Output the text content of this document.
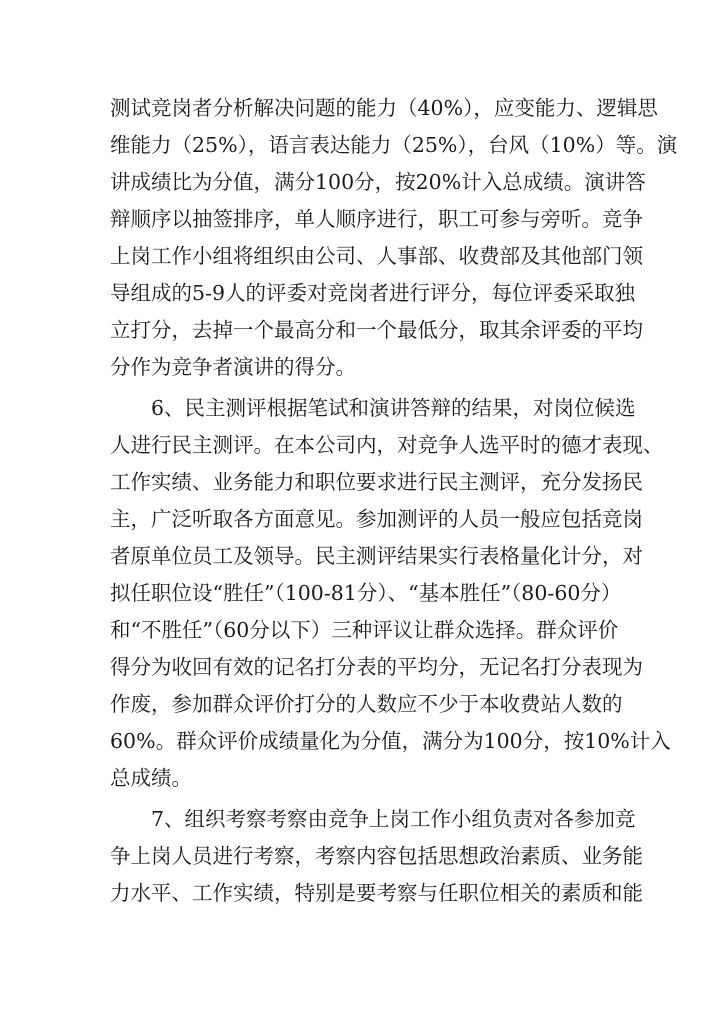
测试竞岗者分析解决问题的能力（40%），应变能力、逻辑思
维能力（25%），语言表达能力（25%），台风（10%）等。演
讲成绩比为分值，满分100分，按20%计入总成绩。演讲答
辩顺序以抽签排序，单人顺序进行，职工可参与旁听。竞争
上岗工作小组将组织由公司、人事部、收费部及其他部门领
导组成的5-9人的评委对竞岗者进行评分，每位评委采取独
立打分，去掉一个最高分和一个最低分，取其余评委的平均
分作为竞争者演讲的得分。
6、民主测评根据笔试和演讲答辩的结果，对岗位候选
人进行民主测评。在本公司内，对竞争人选平时的德才表现、
工作实绩、业务能力和职位要求进行民主测评，充分发扬民
主，广泛听取各方面意见。参加测评的人员一般应包括竞岗
者原单位员工及领导。民主测评结果实行表格量化计分，对
拟任职位设“胜任”（100-81分）、“基本胜任”（80-60分）
和“不胜任”（60分以下）三种评议让群众选择。群众评价
得分为收回有效的记名打分表的平均分，无记名打分表现为
作废，参加群众评价打分的人数应不少于本收费站人数的
60%。群众评价成绩量化为分值，满分为100分，按10%计入
总成绩。
7、组织考察考察由竞争上岗工作小组负责对各参加竞
争上岗人员进行考察，考察内容包括思想政治素质、业务能
力水平、工作实绩，特别是要考察与任职位相关的素质和能
